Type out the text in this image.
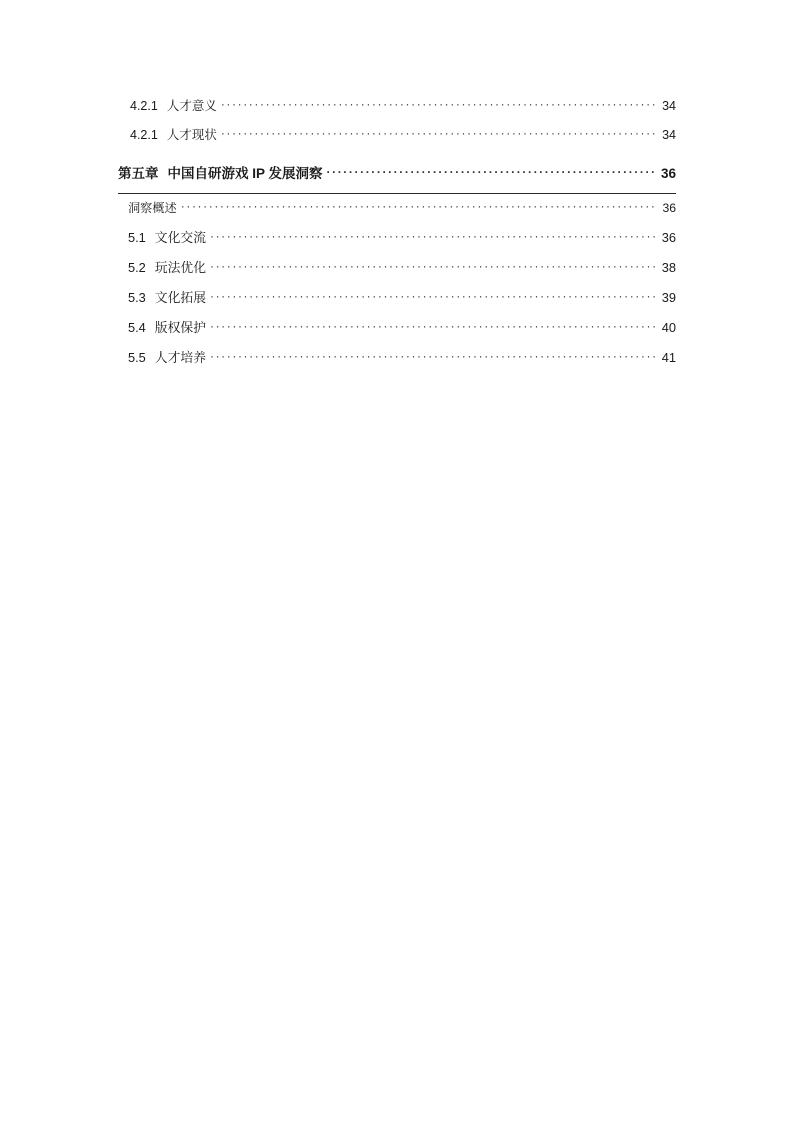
4.2.1 人才意义 ·····	34
4.2.1 人才现状 ·····	34
第五章 中国自研游戏 IP 发展洞察 ·····	36
洞察概述 ·····	36
5.1 文化交流 ·····	36
5.2 玩法优化 ·····	38
5.3 文化拓展 ·····	39
5.4 版权保护 ·····	40
5.5 人才培养 ·····	41
